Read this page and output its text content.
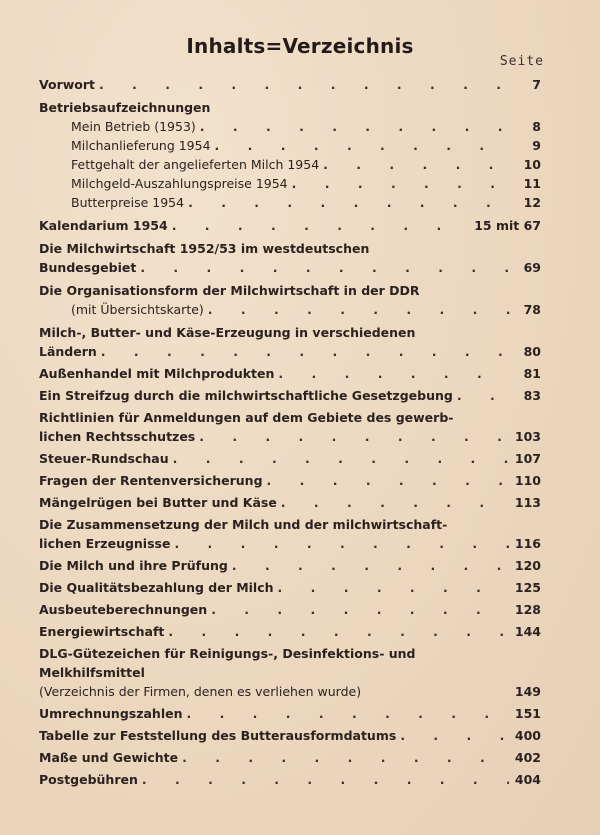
Inhalts=Verzeichnis
Seite
Vorwort . . .	7
Betriebsaufzeichnungen
Mein Betrieb (1953) . . .	8
Milchanlieferung 1954 . . .	9
Fettgehalt der angelieferten Milch 1954 . . .	10
Milchgeld-Auszahlungspreise 1954 . . .	11
Butterpreise 1954 . . .	12
Kalendarium 1954 . . .	15 mit 67
Die Milchwirtschaft 1952/53 im westdeutschen
Bundesgebiet . . .	69
Die Organisationsform der Milchwirtschaft in der DDR
(mit Übersichtskarte) . . .	78
Milch-, Butter- und Käse-Erzeugung in verschiedenen
Ländern . . .	80
Außenhandel mit Milchprodukten . . .	81
Ein Streifzug durch die milchwirtschaftliche Gesetzgebung . . .	83
Richtlinien für Anmeldungen auf dem Gebiete des gewerb-
lichen Rechtsschutzes . . .	103
Steuer-Rundschau . . .	107
Fragen der Rentenversicherung . . .	110
Mängelrügen bei Butter und Käse . . .	113
Die Zusammensetzung der Milch und der milchwirtschaft-
lichen Erzeugnisse . . .	116
Die Milch und ihre Prüfung . . .	120
Die Qualitätsbezahlung der Milch . . .	125
Ausbeuteberechnungen . . .	128
Energiewirtschaft . . .	144
DLG-Gütezeichen für Reinigungs-, Desinfektions- und
Melkhilfsmittel
(Verzeichnis der Firmen, denen es verliehen wurde)	149
Umrechnungszahlen . . .	151
Tabelle zur Feststellung des Butterausformdatums . . .	400
Maße und Gewichte . . .	402
Postgebühren . . .	404
